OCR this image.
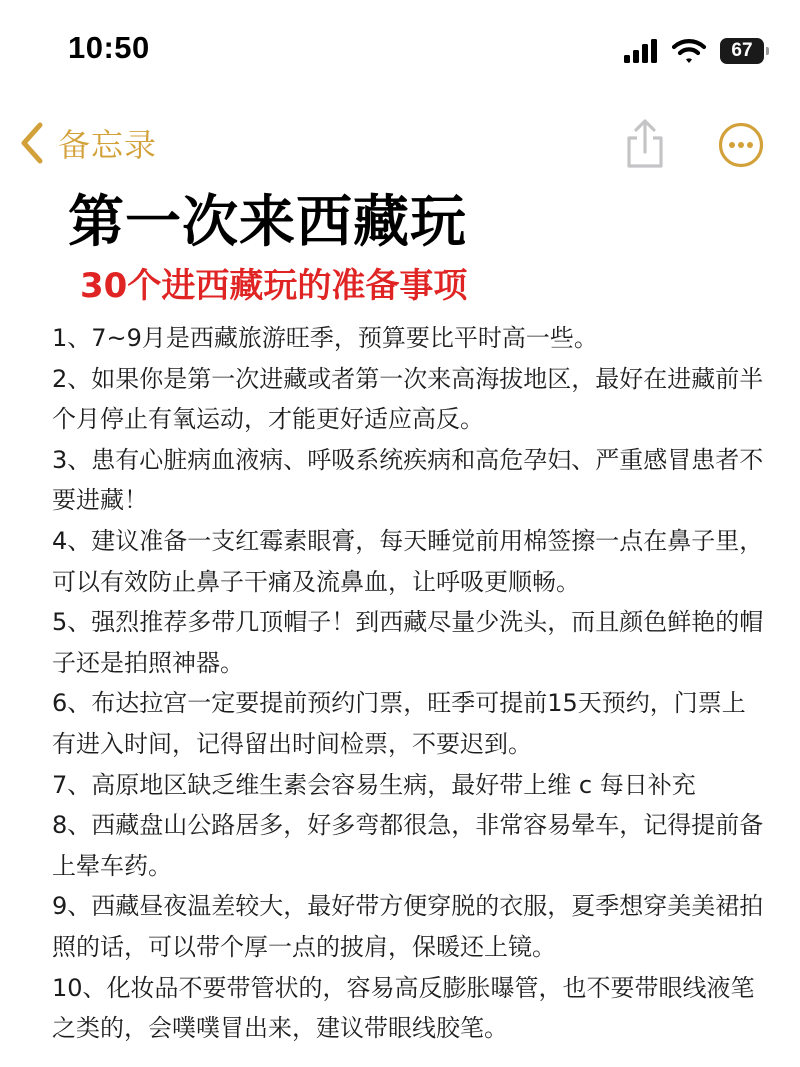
10:50	67
备忘录
第一次来西藏玩
30个进西藏玩的准备事项
1、7~9月是西藏旅游旺季，预算要比平时高一些。
2、如果你是第一次进藏或者第一次来高海拔地区，最好在进藏前半个月停止有氧运动，才能更好适应高反。
3、患有心脏病血液病、呼吸系统疾病和高危孕妇、严重感冒患者不要进藏！
4、建议准备一支红霉素眼膏，每天睡觉前用棉签擦一点在鼻子里，可以有效防止鼻子干痛及流鼻血，让呼吸更顺畅。
5、强烈推荐多带几顶帽子！到西藏尽量少洗头，而且颜色鲜艳的帽子还是拍照神器。
6、布达拉宫一定要提前预约门票，旺季可提前15天预约，门票上有进入时间，记得留出时间检票，不要迟到。
7、高原地区缺乏维生素会容易生病，最好带上维 c 每日补充
8、西藏盘山公路居多，好多弯都很急，非常容易晕车，记得提前备上晕车药。
9、西藏昼夜温差较大，最好带方便穿脱的衣服，夏季想穿美美裙拍照的话，可以带个厚一点的披肩，保暖还上镜。
10、化妆品不要带管状的，容易高反膨胀曝管，也不要带眼线液笔之类的，会噗噗冒出来，建议带眼线胶笔。
